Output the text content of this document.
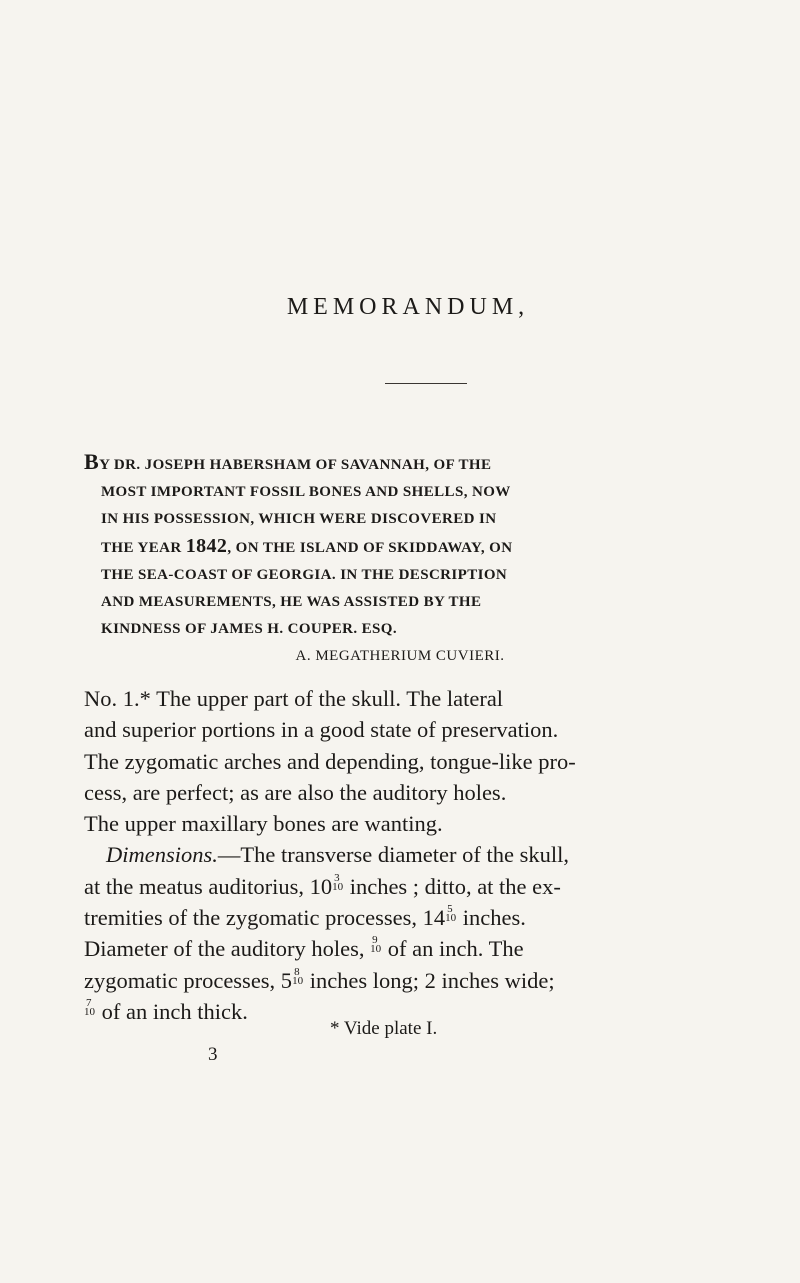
MEMORANDUM,
BY DR. JOSEPH HABERSHAM OF SAVANNAH, OF THE
MOST IMPORTANT FOSSIL BONES AND SHELLS, NOW
IN HIS POSSESSION, WHICH WERE DISCOVERED IN
THE YEAR 1842, ON THE ISLAND OF SKIDDAWAY, ON
THE SEA-COAST OF GEORGIA. IN THE DESCRIPTION
AND MEASUREMENTS, HE WAS ASSISTED BY THE
KINDNESS OF JAMES H. COUPER. ESQ.
A. MEGATHERIUM CUVIERI.
No. 1.* The upper part of the skull. The lateral
and superior portions in a good state of preservation.
The zygomatic arches and depending, tongue-like pro-
cess, are perfect; as are also the auditory holes.
The upper maxillary bones are wanting.
Dimensions.—The transverse diameter of the skull,
at the meatus auditorius, 10 3
10 inches ; ditto, at the ex-
tremities of the zygomatic processes, 14 5
10 inches.
Diameter of the auditory holes, 9
10 of an inch. The
zygomatic processes, 5 8
10 inches long; 2 inches wide;
7
10 of an inch thick.
* Vide plate I.
3
